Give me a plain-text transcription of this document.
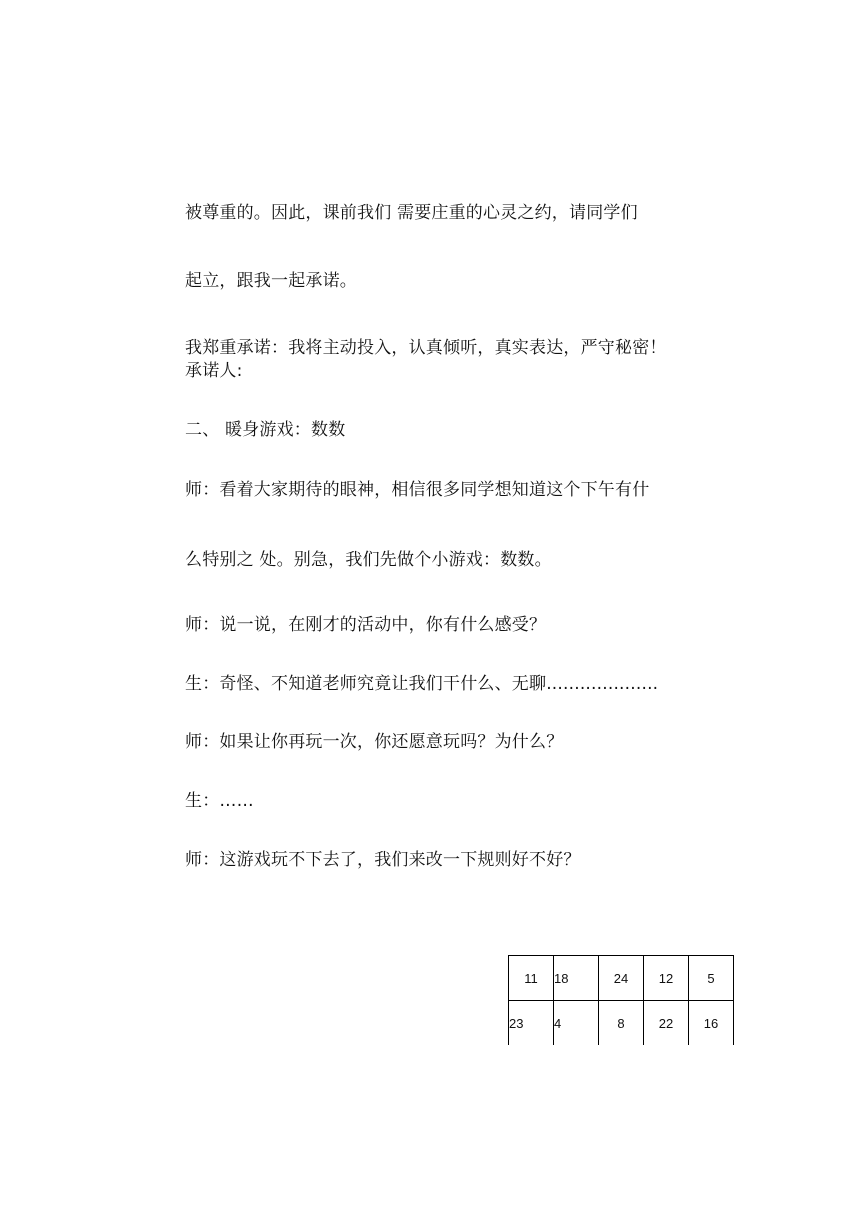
被尊重的。因此，课前我们 需要庄重的心灵之约，请同学们

起立，跟我一起承诺。

我郑重承诺：我将主动投入，认真倾听，真实表达，严守秘密！

承诺人:

二、 暖身游戏：数数

师：看着大家期待的眼神，相信很多同学想知道这个下午有什

么特别之 处。别急，我们先做个小游戏：数数。

师：说一说，在刚才的活动中，你有什么感受？

生：奇怪、不知道老师究竟让我们干什么、无聊....................

师：如果让你再玩一次，你还愿意玩吗？为什么？

生：……

师：这游戏玩不下去了，我们来改一下规则好不好？

11	18	24	12	5
23	4	8	22	16
